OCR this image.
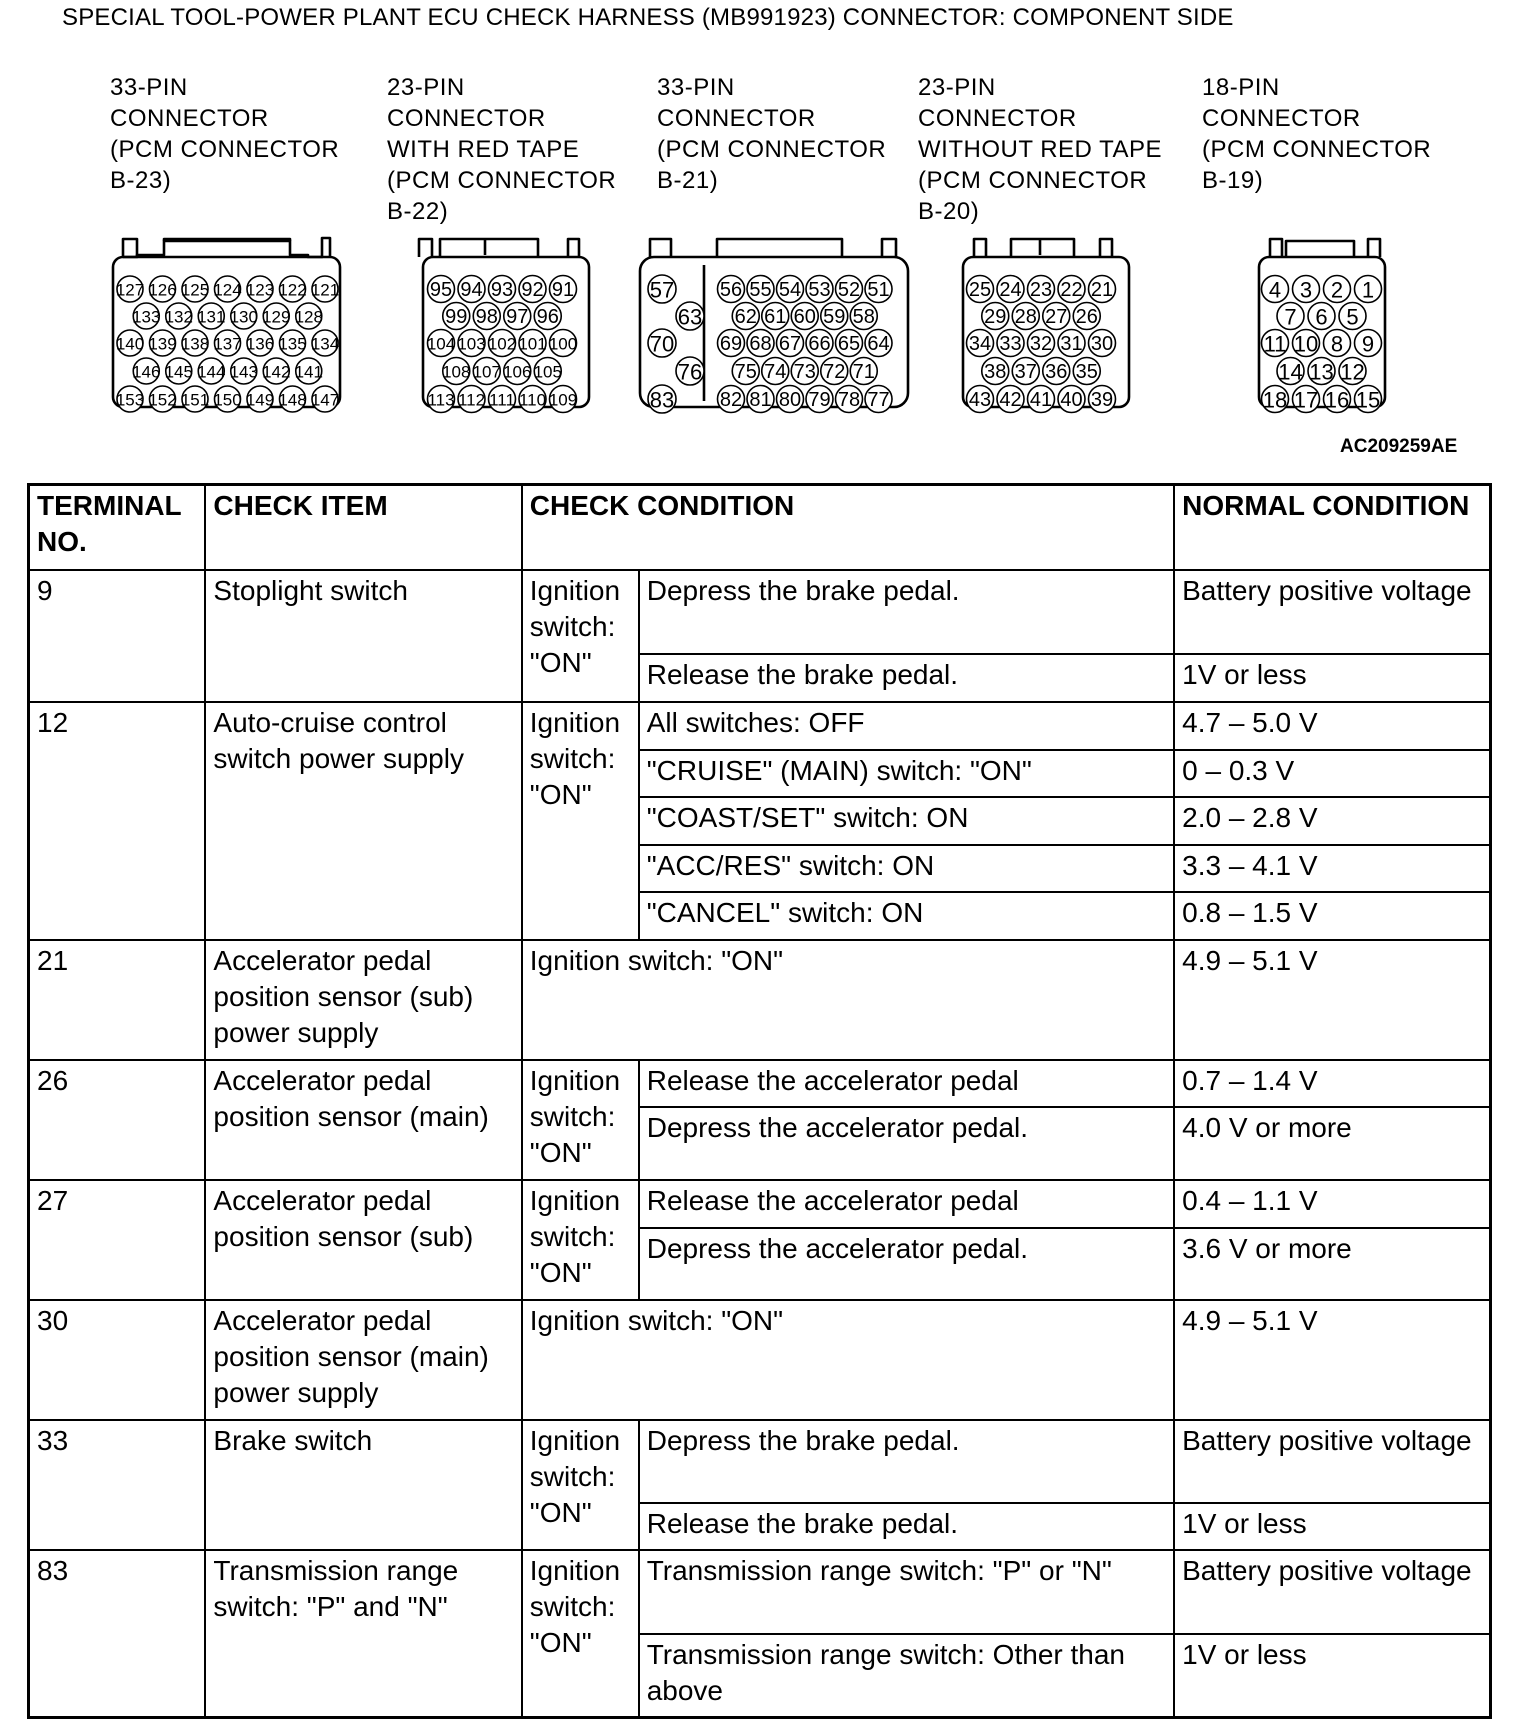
SPECIAL TOOL-POWER PLANT ECU CHECK HARNESS (MB991923) CONNECTOR: COMPONENT SIDE
33-PIN
CONNECTOR
(PCM CONNECTOR
B-23)
23-PIN
CONNECTOR
WITH RED TAPE
(PCM CONNECTOR
B-22)
33-PIN
CONNECTOR
(PCM CONNECTOR
B-21)
23-PIN
CONNECTOR
WITHOUT RED TAPE
(PCM CONNECTOR
B-20)
18-PIN
CONNECTOR
(PCM CONNECTOR
B-19)
127 126 125 124 123 122 121
133 132 131 130 129 128
140 139 138 137 136 135 134
146 145 144 143 142 141
153 152 151 150 149 148 147
95 94 93 92 91
99 98 97 96
104 103 102 101 100
108 107 106 105
113 112 111 110 109
56 55 54 53 52 51
62 61 60 59 58
69 68 67 66 65 64
75 74 73 72 71
82 81 80 79 78 77
57
63
70
76
83
25 24 23 22 21
29 28 27 26
34 33 32 31 30
38 37 36 35
43 42 41 40 39
4 3 2 1
7 6 5
11 10 8 9
14 13 12
18 17 16 15
AC209259AE
TERMINAL NO.	CHECK ITEM	CHECK CONDITION		NORMAL CONDITION
9	Stoplight switch	Ignition switch: "ON"	Depress the brake pedal.	Battery positive voltage
			Release the brake pedal.	1V or less
12	Auto-cruise control switch power supply	Ignition switch: "ON"	All switches: OFF	4.7 – 5.0 V
			"CRUISE" (MAIN) switch: "ON"	0 – 0.3 V
			"COAST/SET" switch: ON	2.0 – 2.8 V
			"ACC/RES" switch: ON	3.3 – 4.1 V
			"CANCEL" switch: ON	0.8 – 1.5 V
21	Accelerator pedal position sensor (sub) power supply	Ignition switch: "ON"		4.9 – 5.1 V
26	Accelerator pedal position sensor (main)	Ignition switch: "ON"	Release the accelerator pedal	0.7 – 1.4 V
			Depress the accelerator pedal.	4.0 V or more
27	Accelerator pedal position sensor (sub)	Ignition switch: "ON"	Release the accelerator pedal	0.4 – 1.1 V
			Depress the accelerator pedal.	3.6 V or more
30	Accelerator pedal position sensor (main) power supply	Ignition switch: "ON"		4.9 – 5.1 V
33	Brake switch	Ignition switch: "ON"	Depress the brake pedal.	Battery positive voltage
			Release the brake pedal.	1V or less
83	Transmission range switch: "P" and "N"	Ignition switch: "ON"	Transmission range switch: "P" or "N"	Battery positive voltage
			Transmission range switch: Other than above	1V or less
